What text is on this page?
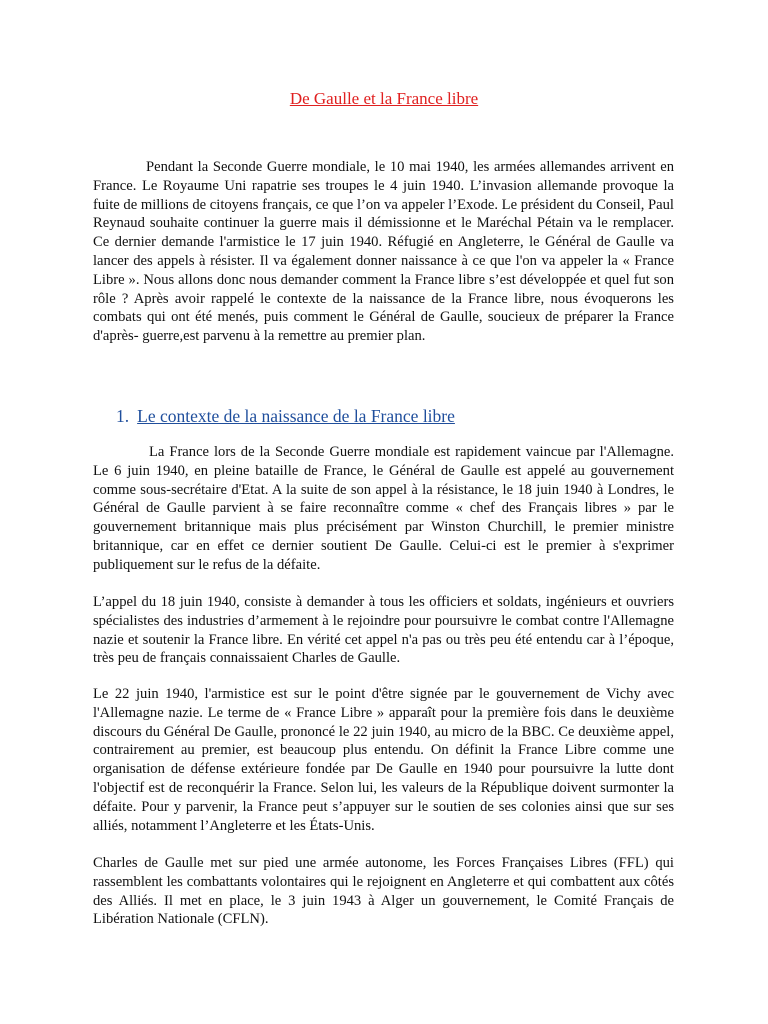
De Gaulle et la France libre

Pendant la Seconde Guerre mondiale, le 10 mai 1940, les armées allemandes arrivent en France. Le Royaume Uni rapatrie ses troupes le 4 juin 1940. L’invasion allemande provoque la fuite de millions de citoyens français, ce que l’on va appeler l’Exode. Le président du Conseil, Paul Reynaud souhaite continuer la guerre mais il démissionne et le Maréchal Pétain va le remplacer. Ce dernier demande l'armistice le 17 juin 1940. Réfugié en Angleterre, le Général de Gaulle va lancer des appels à résister. Il va également donner naissance à ce que l'on va appeler la « France Libre ». Nous allons donc nous demander comment la France libre s’est développée et quel fut son rôle ? Après avoir rappelé le contexte de la naissance de la France libre, nous évoquerons les combats qui ont été menés, puis comment le Général de Gaulle, soucieux de préparer la France d'après- guerre,est parvenu à la remettre au premier plan.

1. Le contexte de la naissance de la France libre

La France lors de la Seconde Guerre mondiale est rapidement vaincue par l'Allemagne. Le 6 juin 1940, en pleine bataille de France, le Général de Gaulle est appelé au gouvernement comme sous-secrétaire d'Etat. A la suite de son appel à la résistance, le 18 juin 1940 à Londres, le Général de Gaulle parvient à se faire reconnaître comme « chef des Français libres » par le gouvernement britannique mais plus précisément par Winston Churchill, le premier ministre britannique, car en effet ce dernier soutient De Gaulle. Celui-ci est le premier à s'exprimer publiquement sur le refus de la défaite.

L’appel du 18 juin 1940, consiste à demander à tous les officiers et soldats, ingénieurs et ouvriers spécialistes des industries d’armement à le rejoindre pour poursuivre le combat contre l'Allemagne nazie et soutenir la France libre. En vérité cet appel n'a pas ou très peu été entendu car à l’époque, très peu de français connaissaient Charles de Gaulle.

Le 22 juin 1940, l'armistice est sur le point d'être signée par le gouvernement de Vichy avec l'Allemagne nazie. Le terme de « France Libre » apparaît pour la première fois dans le deuxième discours du Général De Gaulle, prononcé le 22 juin 1940, au micro de la BBC. Ce deuxième appel, contrairement au premier, est beaucoup plus entendu. On définit la France Libre comme une organisation de défense extérieure fondée par De Gaulle en 1940 pour poursuivre la lutte dont l'objectif est de reconquérir la France. Selon lui, les valeurs de la République doivent surmonter la défaite. Pour y parvenir, la France peut s’appuyer sur le soutien de ses colonies ainsi que sur ses alliés, notamment l’Angleterre et les États-Unis.

Charles de Gaulle met sur pied une armée autonome, les Forces Françaises Libres (FFL) qui rassemblent les combattants volontaires qui le rejoignent en Angleterre et qui combattent aux côtés des Alliés. Il met en place, le 3 juin 1943 à Alger un gouvernement, le Comité Français de Libération Nationale (CFLN).
